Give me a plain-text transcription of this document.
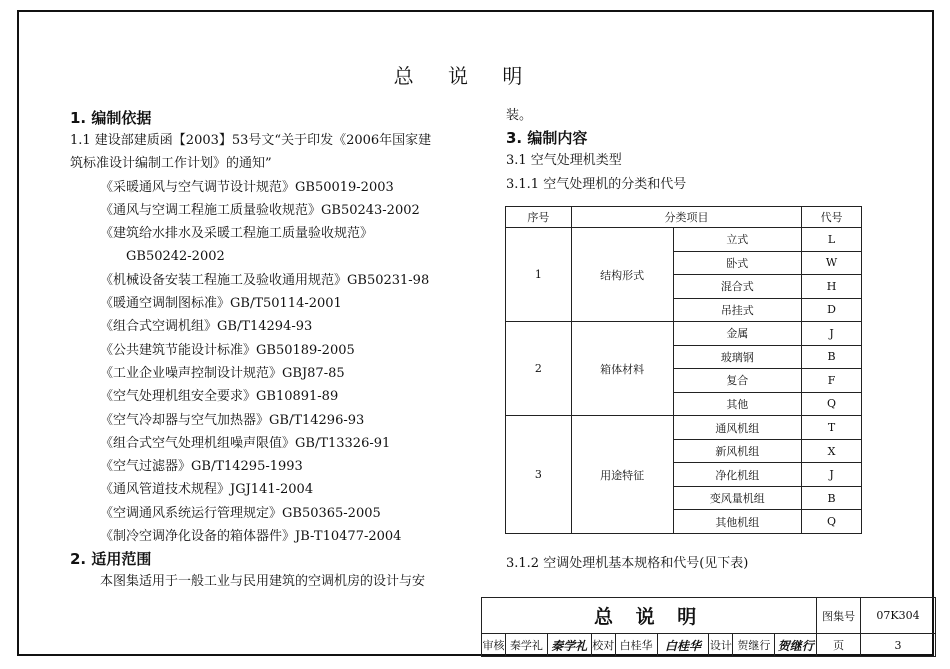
总 说 明
1. 编制依据
1.1 建设部建质函【2003】53号文“关于印发《2006年国家建
筑标准设计编制工作计划》的通知”
《采暖通风与空气调节设计规范》GB50019-2003
《通风与空调工程施工质量验收规范》GB50243-2002
《建筑给水排水及采暖工程施工质量验收规范》
GB50242-2002
《机械设备安装工程施工及验收通用规范》GB50231-98
《暖通空调制图标准》GB/T50114-2001
《组合式空调机组》GB/T14294-93
《公共建筑节能设计标准》GB50189-2005
《工业企业噪声控制设计规范》GBJ87-85
《空气处理机组安全要求》GB10891-89
《空气冷却器与空气加热器》GB/T14296-93
《组合式空气处理机组噪声限值》GB/T13326-91
《空气过滤器》GB/T14295-1993
《通风管道技术规程》JGJ141-2004
《空调通风系统运行管理规定》GB50365-2005
《制冷空调净化设备的箱体器件》JB-T10477-2004
2. 适用范围
本图集适用于一般工业与民用建筑的空调机房的设计与安
装。
3. 编制内容
3.1 空气处理机类型
3.1.1 空气处理机的分类和代号
序号	分类项目		代号
1	结构形式	立式	L
		卧式	W
		混合式	H
		吊挂式	D
2	箱体材料	金属	J
		玻璃钢	B
		复合	F
		其他	Q
3	用途特征	通风机组	T
		新风机组	X
		净化机组	J
		变风量机组	B
		其他机组	Q
3.1.2 空调处理机基本规格和代号(见下表)
总 说 明									图集号	07K304
审核	秦学礼	秦学礼	校对	白桂华	白桂华	设计	贺继行	贺继行	页	3
